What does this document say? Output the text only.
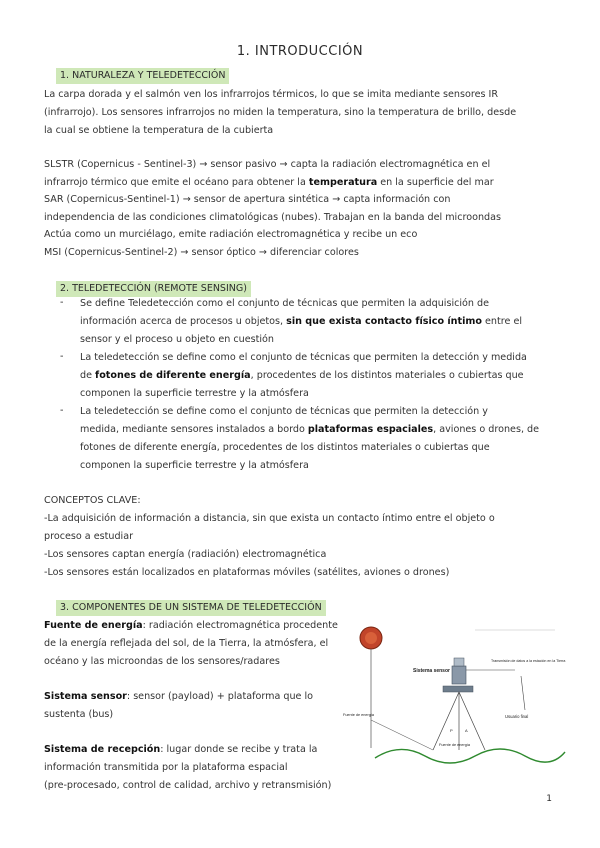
1. INTRODUCCIÓN
1. NATURALEZA Y TELEDETECCIÓN
La carpa dorada y el salmón ven los infrarrojos térmicos, lo que se imita mediante sensores IR
(infrarrojo). Los sensores infrarrojos no miden la temperatura, sino la temperatura de brillo, desde
la cual se obtiene la temperatura de la cubierta
SLSTR (Copernicus - Sentinel-3) → sensor pasivo → capta la radiación electromagnética en el
infrarrojo térmico que emite el océano para obtener la temperatura en la superficie del mar
SAR (Copernicus-Sentinel-1) → sensor de apertura sintética → capta información con
independencia de las condiciones climatológicas (nubes). Trabajan en la banda del microondas
Actúa como un murciélago, emite radiación electromagnética y recibe un eco
MSI (Copernicus-Sentinel-2) → sensor óptico → diferenciar colores
2. TELEDETECCIÓN (REMOTE SENSING)
- Se define Teledetección como el conjunto de técnicas que permiten la adquisición de
información acerca de procesos u objetos, sin que exista contacto físico íntimo entre el
sensor y el proceso u objeto en cuestión
- La teledetección se define como el conjunto de técnicas que permiten la detección y medida
de fotones de diferente energía, procedentes de los distintos materiales o cubiertas que
componen la superficie terrestre y la atmósfera
- La teledetección se define como el conjunto de técnicas que permiten la detección y
medida, mediante sensores instalados a bordo plataformas espaciales, aviones o drones, de
fotones de diferente energía, procedentes de los distintos materiales o cubiertas que
componen la superficie terrestre y la atmósfera
CONCEPTOS CLAVE:
-La adquisición de información a distancia, sin que exista un contacto íntimo entre el objeto o
proceso a estudiar
-Los sensores captan energía (radiación) electromagnética
-Los sensores están localizados en plataformas móviles (satélites, aviones o drones)
3. COMPONENTES DE UN SISTEMA DE TELEDETECCIÓN
Fuente de energía: radiación electromagnética procedente
de la energía reflejada del sol, de la Tierra, la atmósfera, el
océano y las microondas de los sensores/radares
Sistema sensor: sensor (payload) + plataforma que lo
sustenta (bus)
Sistema de recepción: lugar donde se recibe y trata la
información transmitida por la plataforma espacial
(pre-procesado, control de calidad, archivo y retransmisión)
Sistema sensor
Fuente de energía
Transmisión de datos a la estación en la Tierra
Usuario final
Fuente de energía
P	A
1
